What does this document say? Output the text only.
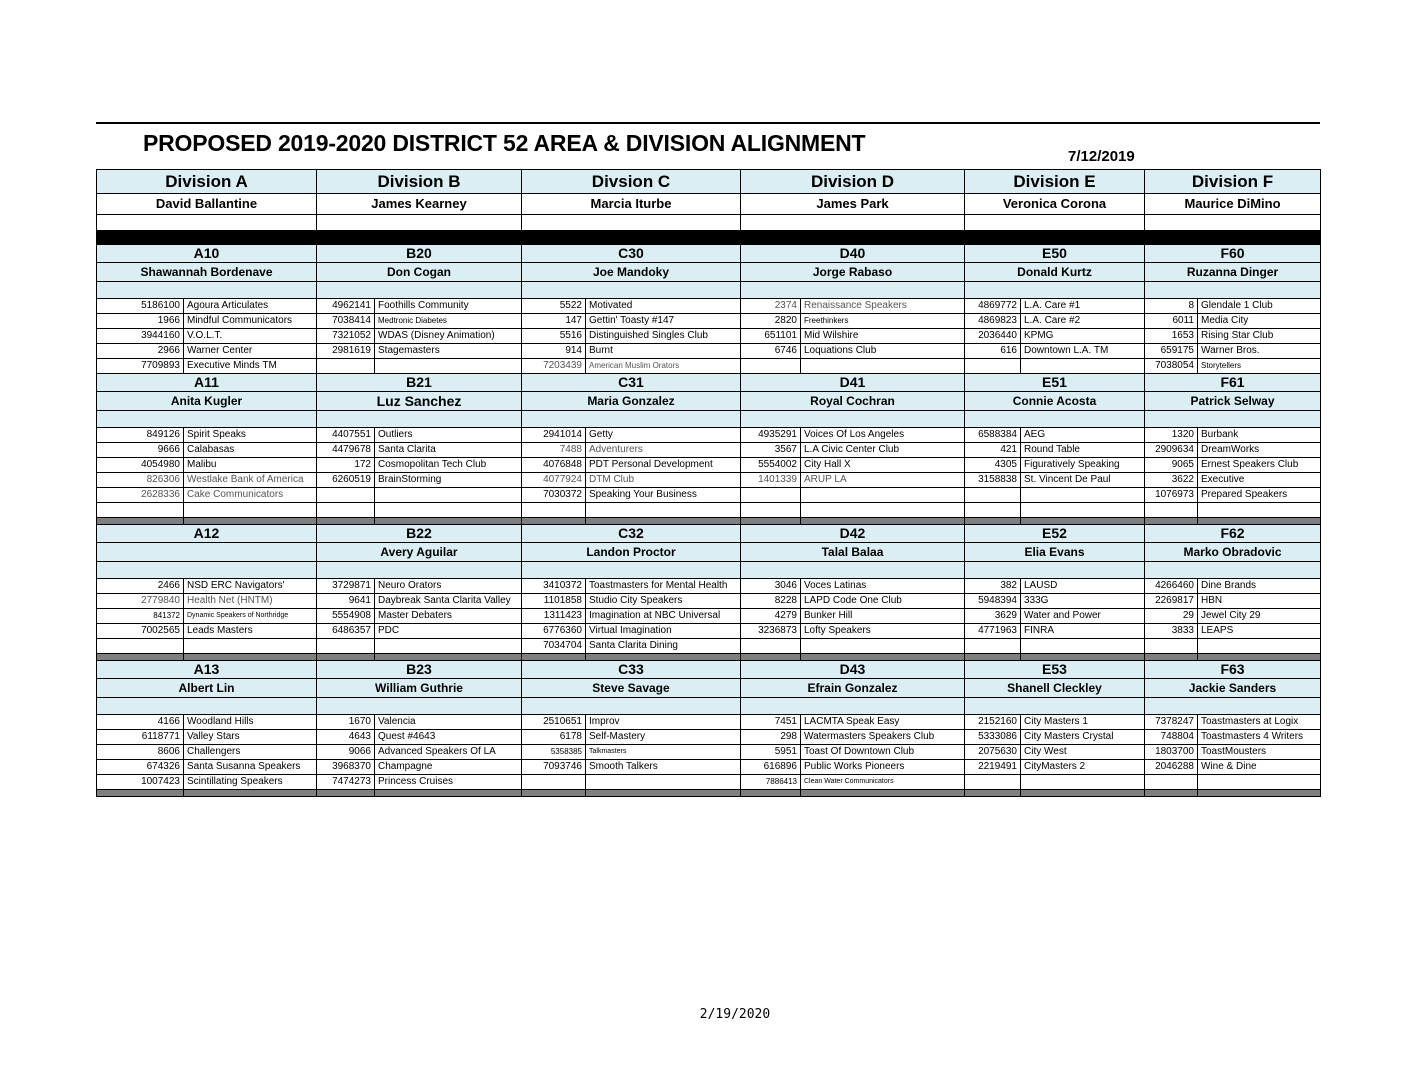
PROPOSED 2019-2020 DISTRICT 52 AREA & DIVISION ALIGNMENT
7/12/2019
Division A		Division B		Divsion C		Division D		Division E		Division F	
David Ballantine		James Kearney		Marcia Iturbe		James Park		Veronica Corona		Maurice DiMino	

A10		B20		C30		D40		E50		F60	
Shawannah Bordenave		Don Cogan		Joe Mandoky		Jorge Rabaso		Donald Kurtz		Ruzanna Dinger	

5186100	Agoura Articulates	4962141	Foothills Community	5522	Motivated	2374	Renaissance Speakers	4869772	L.A. Care #1	8	Glendale 1 Club
1966	Mindful Communicators	7038414	Medtronic Diabetes	147	Gettin' Toasty #147	2820	Freethinkers	4869823	L.A. Care #2	6011	Media City
3944160	V.O.L.T.	7321052	WDAS (Disney Animation)	5516	Distinguished Singles Club	651101	Mid Wilshire	2036440	KPMG	1653	Rising Star Club
2966	Warner Center	2981619	Stagemasters	914	Burnt	6746	Loquations Club	616	Downtown L.A. TM	659175	Warner Bros.
7709893	Executive Minds TM			7203439	American Muslim Orators					7038054	Storytellers
A11		B21		C31		D41		E51		F61	
Anita Kugler		Luz Sanchez		Maria Gonzalez		Royal Cochran		Connie Acosta		Patrick Selway	

849126	Spirit Speaks	4407551	Outliers	2941014	Getty	4935291	Voices Of Los Angeles	6588384	AEG	1320	Burbank
9666	Calabasas	4479678	Santa Clarita	7488	Adventurers	3567	L.A Civic Center Club	421	Round Table	2909634	DreamWorks
4054980	Malibu	172	Cosmopolitan Tech Club	4076848	PDT Personal Development	5554002	City Hall X	4305	Figuratively Speaking	9065	Ernest Speakers Club
826306	Westlake Bank of America	6260519	BrainStorming	4077924	DTM Club	1401339	ARUP LA	3158838	St. Vincent De Paul	3622	Executive
2628336	Cake Communicators			7030372	Speaking Your Business					1076973	Prepared Speakers

A12		B22		C32		D42		E52		F62	
		Avery Aguilar		Landon Proctor		Talal Balaa		Elia Evans		Marko Obradovic	

2466	NSD ERC Navigators'	3729871	Neuro Orators	3410372	Toastmasters for Mental Health	3046	Voces Latinas	382	LAUSD	4266460	Dine Brands
2779840	Health Net (HNTM)	9641	Daybreak Santa Clarita Valley	1101858	Studio City Speakers	8228	LAPD Code One Club	5948394	333G	2269817	HBN
841372	Dynamic Speakers of Northridge	5554908	Master Debaters	1311423	Imagination at NBC Universal	4279	Bunker Hill	3629	Water and Power	29	Jewel City 29
7002565	Leads Masters	6486357	PDC	6776360	Virtual Imagination	3236873	Lofty Speakers	4771963	FINRA	3833	LEAPS
				7034704	Santa Clarita Dining						

A13		B23		C33		D43		E53		F63	
Albert Lin		William Guthrie		Steve Savage		Efrain Gonzalez		Shanell Cleckley		Jackie Sanders	

4166	Woodland Hills	1670	Valencia	2510651	Improv	7451	LACMTA Speak Easy	2152160	City Masters 1	7378247	Toastmasters at Logix
6118771	Valley Stars	4643	Quest #4643	6178	Self-Mastery	298	Watermasters Speakers Club	5333086	City Masters Crystal	748804	Toastmasters 4 Writers
8606	Challengers	9066	Advanced Speakers Of LA	5358385	Talkmasters	5951	Toast Of Downtown Club	2075630	City West	1803700	ToastMousters
674326	Santa Susanna Speakers	3968370	Champagne	7093746	Smooth Talkers	616896	Public Works Pioneers	2219491	CityMasters 2	2046288	Wine & Dine
1007423	Scintillating Speakers	7474273	Princess Cruises			7886413	Clean Water Communicators				

2/19/2020
